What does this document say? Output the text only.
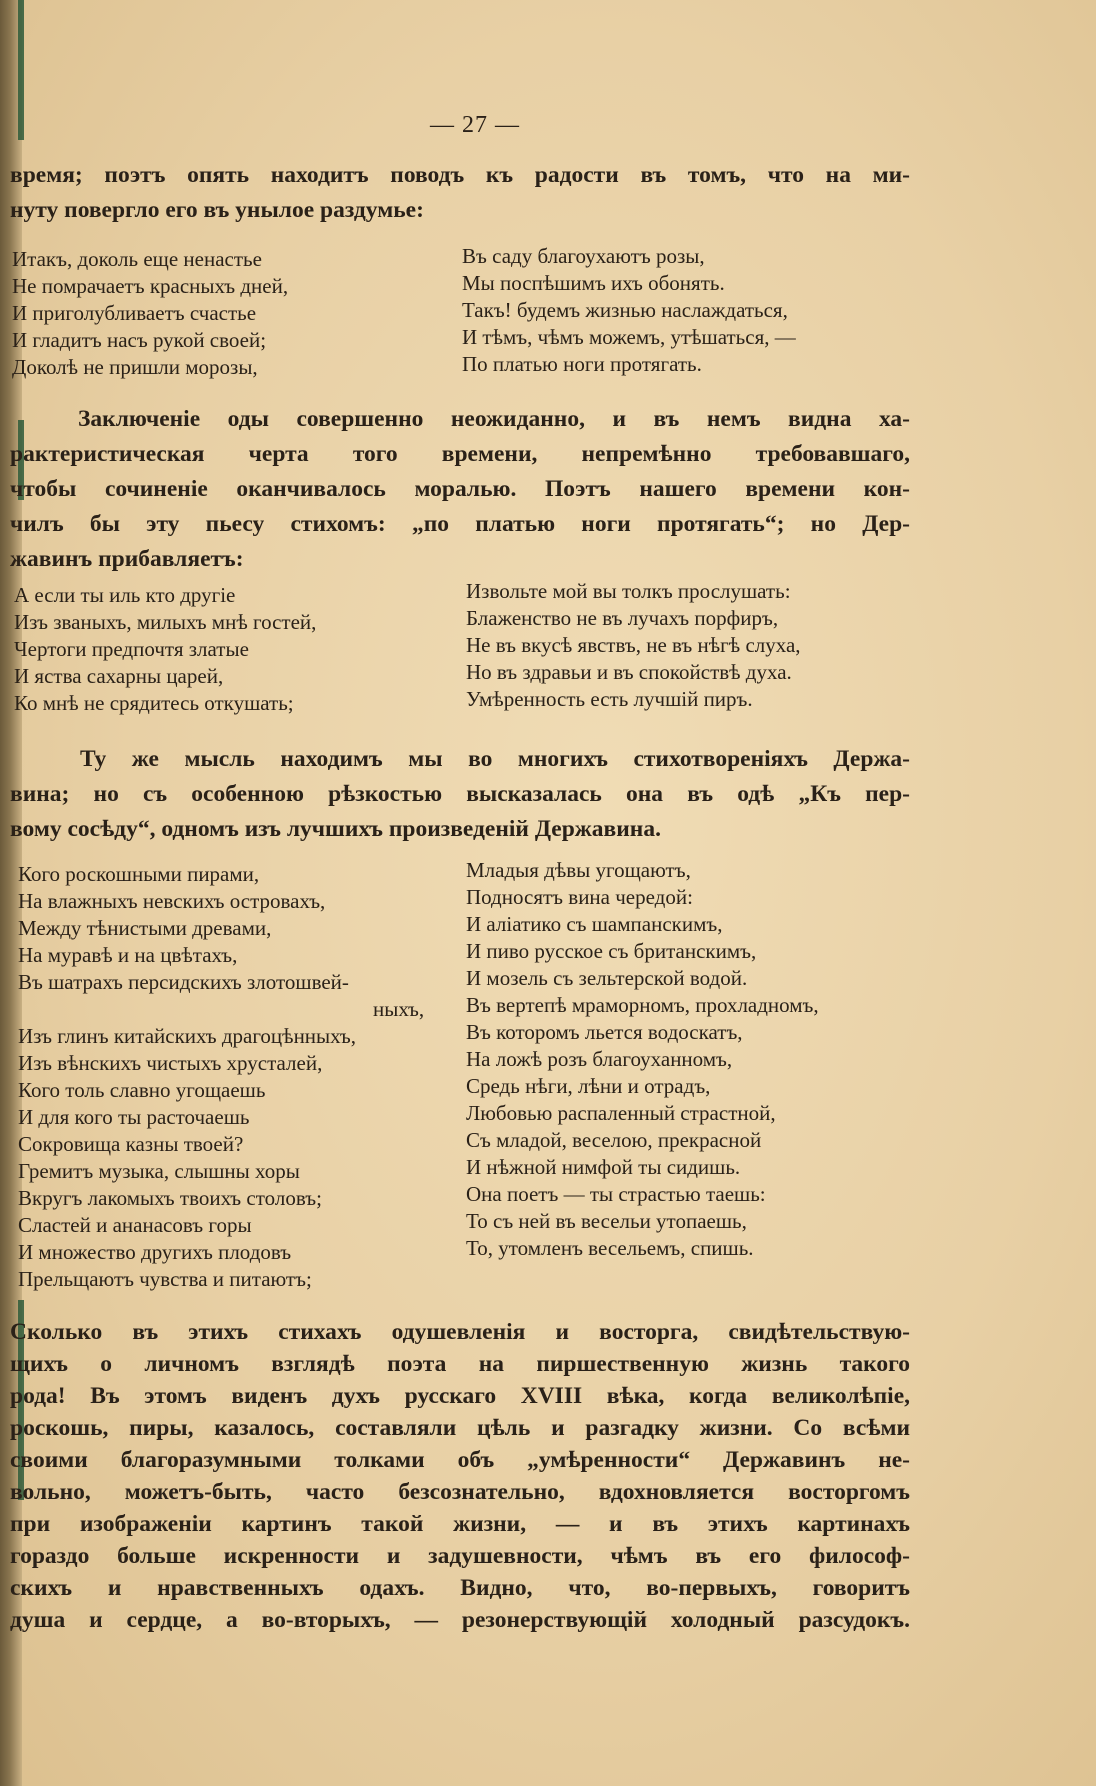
— 27 —
время; поэтъ опять находитъ поводъ къ радости въ томъ, что на ми-
нуту повергло его въ унылое раздумье:
Итакъ, доколь еще ненастье
Не помрачаетъ красныхъ дней,
И приголубливаетъ счастье
И гладитъ насъ рукой своей;
Доколѣ не пришли морозы,
Въ саду благоухаютъ розы,
Мы поспѣшимъ ихъ обонять.
Такъ! будемъ жизнью наслаждаться,
И тѣмъ, чѣмъ можемъ, утѣшаться, —
По платью ноги протягать.
Заключеніе оды совершенно неожиданно, и въ немъ видна ха-
рактеристическая черта того времени, непремѣнно требовавшаго,
чтобы сочиненіе оканчивалось моралью. Поэтъ нашего времени кон-
чилъ бы эту пьесу стихомъ: „по платью ноги протягать“; но Дер-
жавинъ прибавляетъ:
А если ты иль кто другіе
Изъ званыхъ, милыхъ мнѣ гостей,
Чертоги предпочтя златые
И яства сахарны царей,
Ко мнѣ не срядитесь откушать;
Извольте мой вы толкъ прослушать:
Блаженство не въ лучахъ порфиръ,
Не въ вкусѣ явствъ, не въ нѣгѣ слуха,
Но въ здравьи и въ спокойствѣ духа.
Умѣренность есть лучшій пиръ.
Ту же мысль находимъ мы во многихъ стихотвореніяхъ Держа-
вина; но съ особенною рѣзкостью высказалась она въ одѣ „Къ пер-
вому сосѣду“, одномъ изъ лучшихъ произведеній Державина.
Кого роскошными пирами,
На влажныхъ невскихъ островахъ,
Между тѣнистыми древами,
На муравѣ и на цвѣтахъ,
Въ шатрахъ персидскихъ злотошвей-
ныхъ,
Изъ глинъ китайскихъ драгоцѣнныхъ,
Изъ вѣнскихъ чистыхъ хрусталей,
Кого толь славно угощаешь
И для кого ты расточаешь
Сокровища казны твоей?
Гремитъ музыка, слышны хоры
Вкругъ лакомыхъ твоихъ столовъ;
Сластей и ананасовъ горы
И множество другихъ плодовъ
Прельщаютъ чувства и питаютъ;
Младыя дѣвы угощаютъ,
Подносятъ вина чередой:
И аліатико съ шампанскимъ,
И пиво русское съ британскимъ,
И мозель съ зельтерской водой.
Въ вертепѣ мраморномъ, прохладномъ,
Въ которомъ льется водоскатъ,
На ложѣ розъ благоуханномъ,
Средь нѣги, лѣни и отрадъ,
Любовью распаленный страстной,
Съ младой, веселою, прекрасной
И нѣжной нимфой ты сидишь.
Она поетъ — ты страстью таешь:
То съ ней въ весельи утопаешь,
То, утомленъ весельемъ, спишь.
Сколько въ этихъ стихахъ одушевленія и восторга, свидѣтельствую-
щихъ о личномъ взглядѣ поэта на пиршественную жизнь такого
рода! Въ этомъ виденъ духъ русскаго XVIII вѣка, когда великолѣпіе,
роскошь, пиры, казалось, составляли цѣль и разгадку жизни. Со всѣми
своими благоразумными толками объ „умѣренности“ Державинъ не-
вольно, можетъ-быть, часто безсознательно, вдохновляется восторгомъ
при изображеніи картинъ такой жизни, — и въ этихъ картинахъ
гораздо больше искренности и задушевности, чѣмъ въ его философ-
скихъ и нравственныхъ одахъ. Видно, что, во-первыхъ, говоритъ
душа и сердце, а во-вторыхъ, — резонерствующій холодный разсудокъ.
